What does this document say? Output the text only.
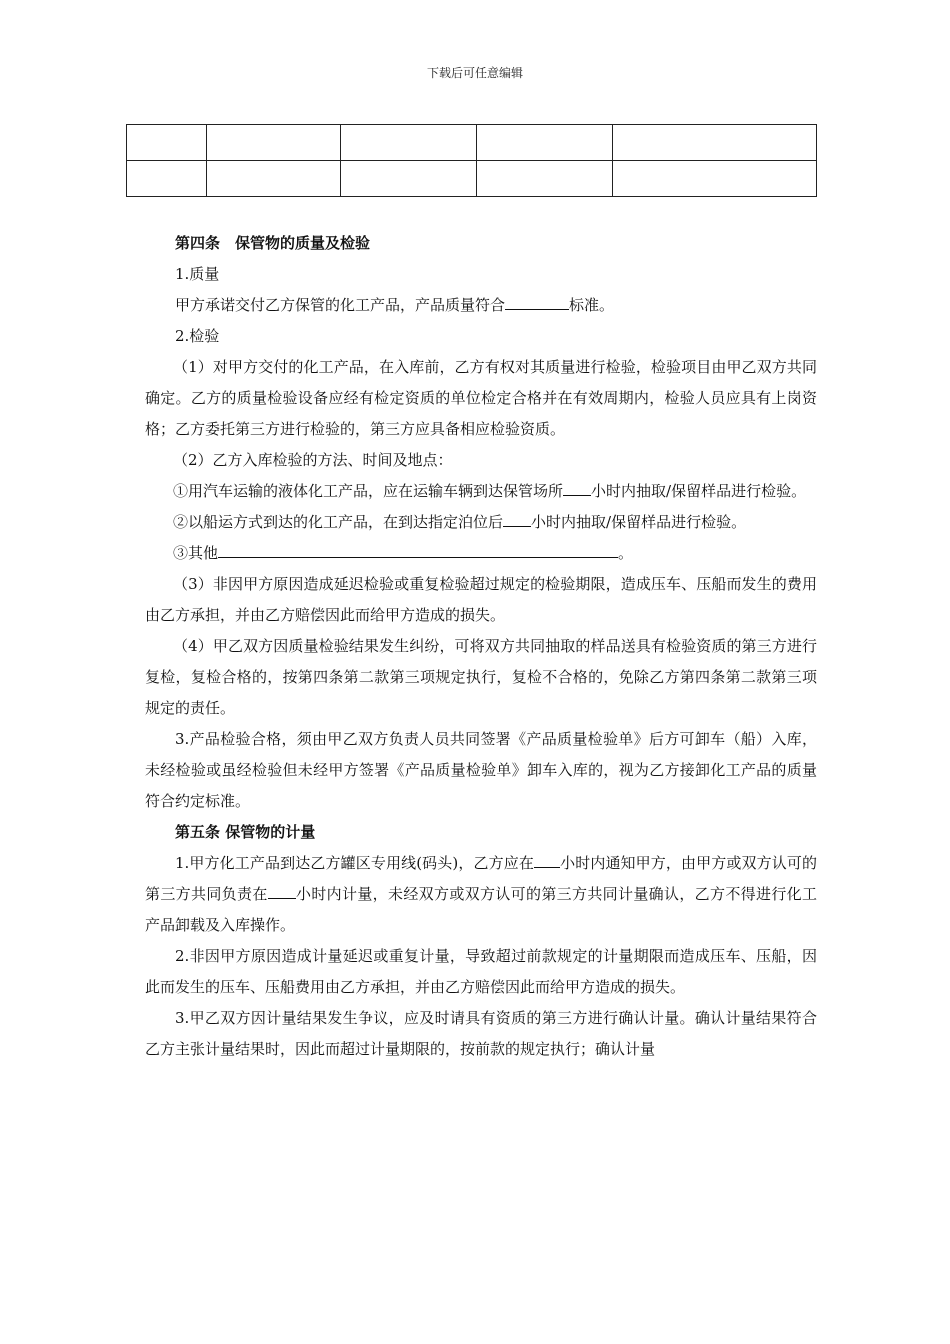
下载后可任意编辑

第四条　保管物的质量及检验

1.质量

甲方承诺交付乙方保管的化工产品，产品质量符合	标准。

2.检验

（1）对甲方交付的化工产品，在入库前，乙方有权对其质量进行检验，检验项目由甲乙双方共同确定。乙方的质量检验设备应经有检定资质的单位检定合格并在有效周期内，检验人员应具有上岗资格；乙方委托第三方进行检验的，第三方应具备相应检验资质。

（2）乙方入库检验的方法、时间及地点：

①用汽车运输的液体化工产品，应在运输车辆到达保管场所 小时内抽取/保留样品进行检验。

②以船运方式到达的化工产品，在到达指定泊位后 小时内抽取/保留样品进行检验。

③其他	。

（3）非因甲方原因造成延迟检验或重复检验超过规定的检验期限，造成压车、压船而发生的费用由乙方承担，并由乙方赔偿因此而给甲方造成的损失。

（4）甲乙双方因质量检验结果发生纠纷，可将双方共同抽取的样品送具有检验资质的第三方进行复检，复检合格的，按第四条第二款第三项规定执行，复检不合格的，免除乙方第四条第二款第三项规定的责任。

3.产品检验合格，须由甲乙双方负责人员共同签署《产品质量检验单》后方可卸车（船）入库，未经检验或虽经检验但未经甲方签署《产品质量检验单》卸车入库的，视为乙方接卸化工产品的质量符合约定标准。

第五条 保管物的计量

1.甲方化工产品到达乙方罐区专用线(码头)，乙方应在 小时内通知甲方，由甲方或双方认可的第三方共同负责在 小时内计量，未经双方或双方认可的第三方共同计量确认，乙方不得进行化工产品卸载及入库操作。

2.非因甲方原因造成计量延迟或重复计量，导致超过前款规定的计量期限而造成压车、压船，因此而发生的压车、压船费用由乙方承担，并由乙方赔偿因此而给甲方造成的损失。

3.甲乙双方因计量结果发生争议，应及时请具有资质的第三方进行确认计量。确认计量结果符合乙方主张计量结果时，因此而超过计量期限的，按前款的规定执行；确认计量
